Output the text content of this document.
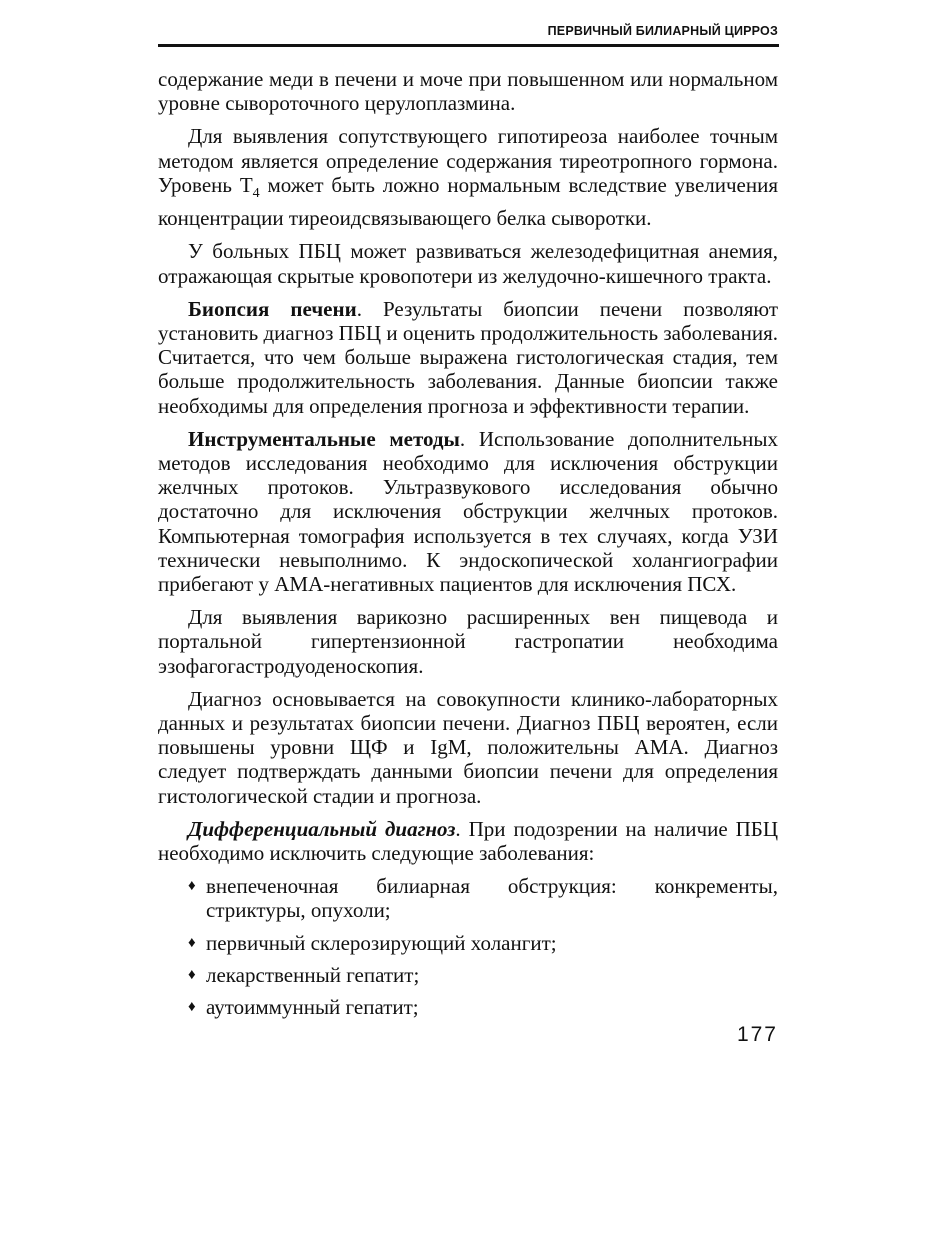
ПЕРВИЧНЫЙ БИЛИАРНЫЙ ЦИРРОЗ

содержание меди в печени и моче при повышенном или нормальном уровне сывороточного церулоплазмина.

Для выявления сопутствующего гипотиреоза наиболее точным методом является определение содержания тиреотропного гормона. Уровень $Т_4$ может быть ложно нормальным вследствие увеличения концентрации тиреоидсвязывающего белка сыворотки.

У больных ПБЦ может развиваться железодефицитная анемия, отражающая скрытые кровопотери из желудочно-кишечного тракта.

Биопсия печени. Результаты биопсии печени позволяют установить диагноз ПБЦ и оценить продолжительность заболевания. Считается, что чем больше выражена гистологическая стадия, тем больше продолжительность заболевания. Данные биопсии также необходимы для определения прогноза и эффективности терапии.

Инструментальные методы. Использование дополнительных методов исследования необходимо для исключения обструкции желчных протоков. Ультразвукового исследования обычно достаточно для исключения обструкции желчных протоков. Компьютерная томография используется в тех случаях, когда УЗИ технически невыполнимо. К эндоскопической холангиографии прибегают у АМА-негативных пациентов для исключения ПСХ.

Для выявления варикозно расширенных вен пищевода и портальной гипертензионной гастропатии необходима эзофагогастродуоденоскопия.

Диагноз основывается на совокупности клинико-лабораторных данных и результатах биопсии печени. Диагноз ПБЦ вероятен, если повышены уровни ЩФ и IgM, положительны АМА. Диагноз следует подтверждать данными биопсии печени для определения гистологической стадии и прогноза.

Дифференциальный диагноз. При подозрении на наличие ПБЦ необходимо исключить следующие заболевания:

♦ внепеченочная билиарная обструкция: конкременты, стриктуры, опухоли;
♦ первичный склерозирующий холангит;
♦ лекарственный гепатит;
♦ аутоиммунный гепатит;
177
